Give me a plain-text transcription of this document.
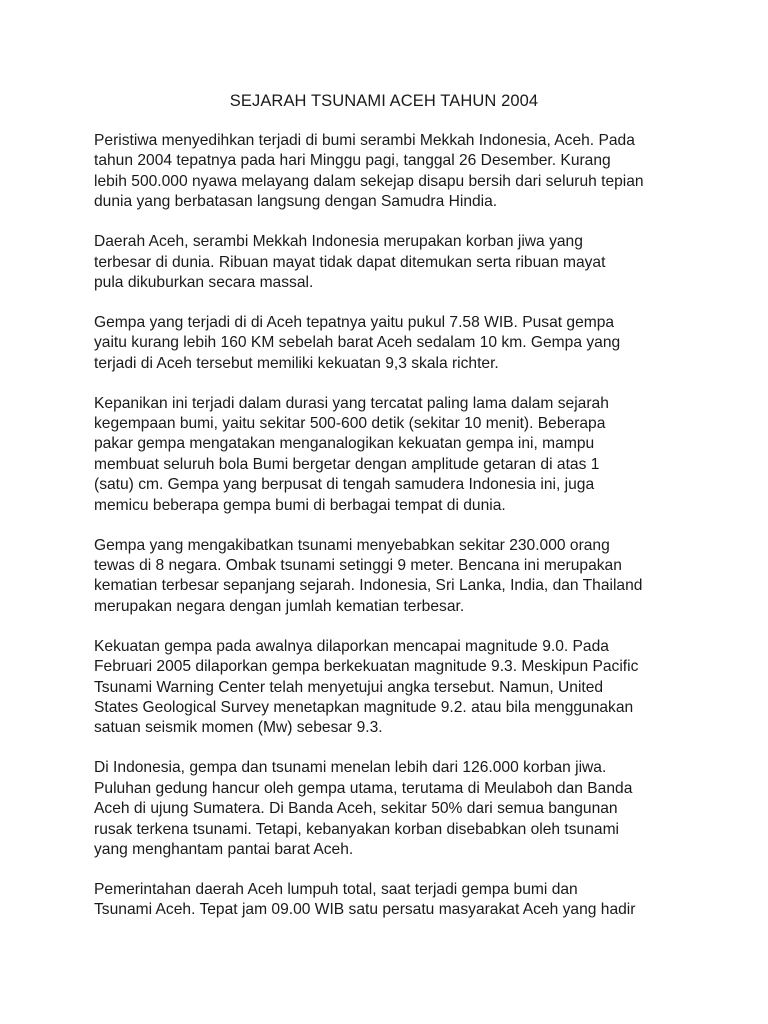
SEJARAH TSUNAMI ACEH TAHUN 2004

Peristiwa menyedihkan terjadi di bumi serambi Mekkah Indonesia, Aceh. Pada
tahun 2004 tepatnya pada hari Minggu pagi, tanggal 26 Desember. Kurang
lebih 500.000 nyawa melayang dalam sekejap disapu bersih dari seluruh tepian
dunia yang berbatasan langsung dengan Samudra Hindia.

Daerah Aceh, serambi Mekkah Indonesia merupakan korban jiwa yang
terbesar di dunia. Ribuan mayat tidak dapat ditemukan serta ribuan mayat
pula dikuburkan secara massal.

Gempa yang terjadi di di Aceh tepatnya yaitu pukul 7.58 WIB. Pusat gempa
yaitu kurang lebih 160 KM sebelah barat Aceh sedalam 10 km. Gempa yang
terjadi di Aceh tersebut memiliki kekuatan 9,3 skala richter.

Kepanikan ini terjadi dalam durasi yang tercatat paling lama dalam sejarah
kegempaan bumi, yaitu sekitar 500-600 detik (sekitar 10 menit). Beberapa
pakar gempa mengatakan menganalogikan kekuatan gempa ini, mampu
membuat seluruh bola Bumi bergetar dengan amplitude getaran di atas 1
(satu) cm. Gempa yang berpusat di tengah samudera Indonesia ini, juga
memicu beberapa gempa bumi di berbagai tempat di dunia.

Gempa yang mengakibatkan tsunami menyebabkan sekitar 230.000 orang
tewas di 8 negara. Ombak tsunami setinggi 9 meter. Bencana ini merupakan
kematian terbesar sepanjang sejarah. Indonesia, Sri Lanka, India, dan Thailand
merupakan negara dengan jumlah kematian terbesar.

Kekuatan gempa pada awalnya dilaporkan mencapai magnitude 9.0. Pada
Februari 2005 dilaporkan gempa berkekuatan magnitude 9.3. Meskipun Pacific
Tsunami Warning Center telah menyetujui angka tersebut. Namun, United
States Geological Survey menetapkan magnitude 9.2. atau bila menggunakan
satuan seismik momen (Mw) sebesar 9.3.

Di Indonesia, gempa dan tsunami menelan lebih dari 126.000 korban jiwa.
Puluhan gedung hancur oleh gempa utama, terutama di Meulaboh dan Banda
Aceh di ujung Sumatera. Di Banda Aceh, sekitar 50% dari semua bangunan
rusak terkena tsunami. Tetapi, kebanyakan korban disebabkan oleh tsunami
yang menghantam pantai barat Aceh.

Pemerintahan daerah Aceh lumpuh total, saat terjadi gempa bumi dan
Tsunami Aceh. Tepat jam 09.00 WIB satu persatu masyarakat Aceh yang hadir
